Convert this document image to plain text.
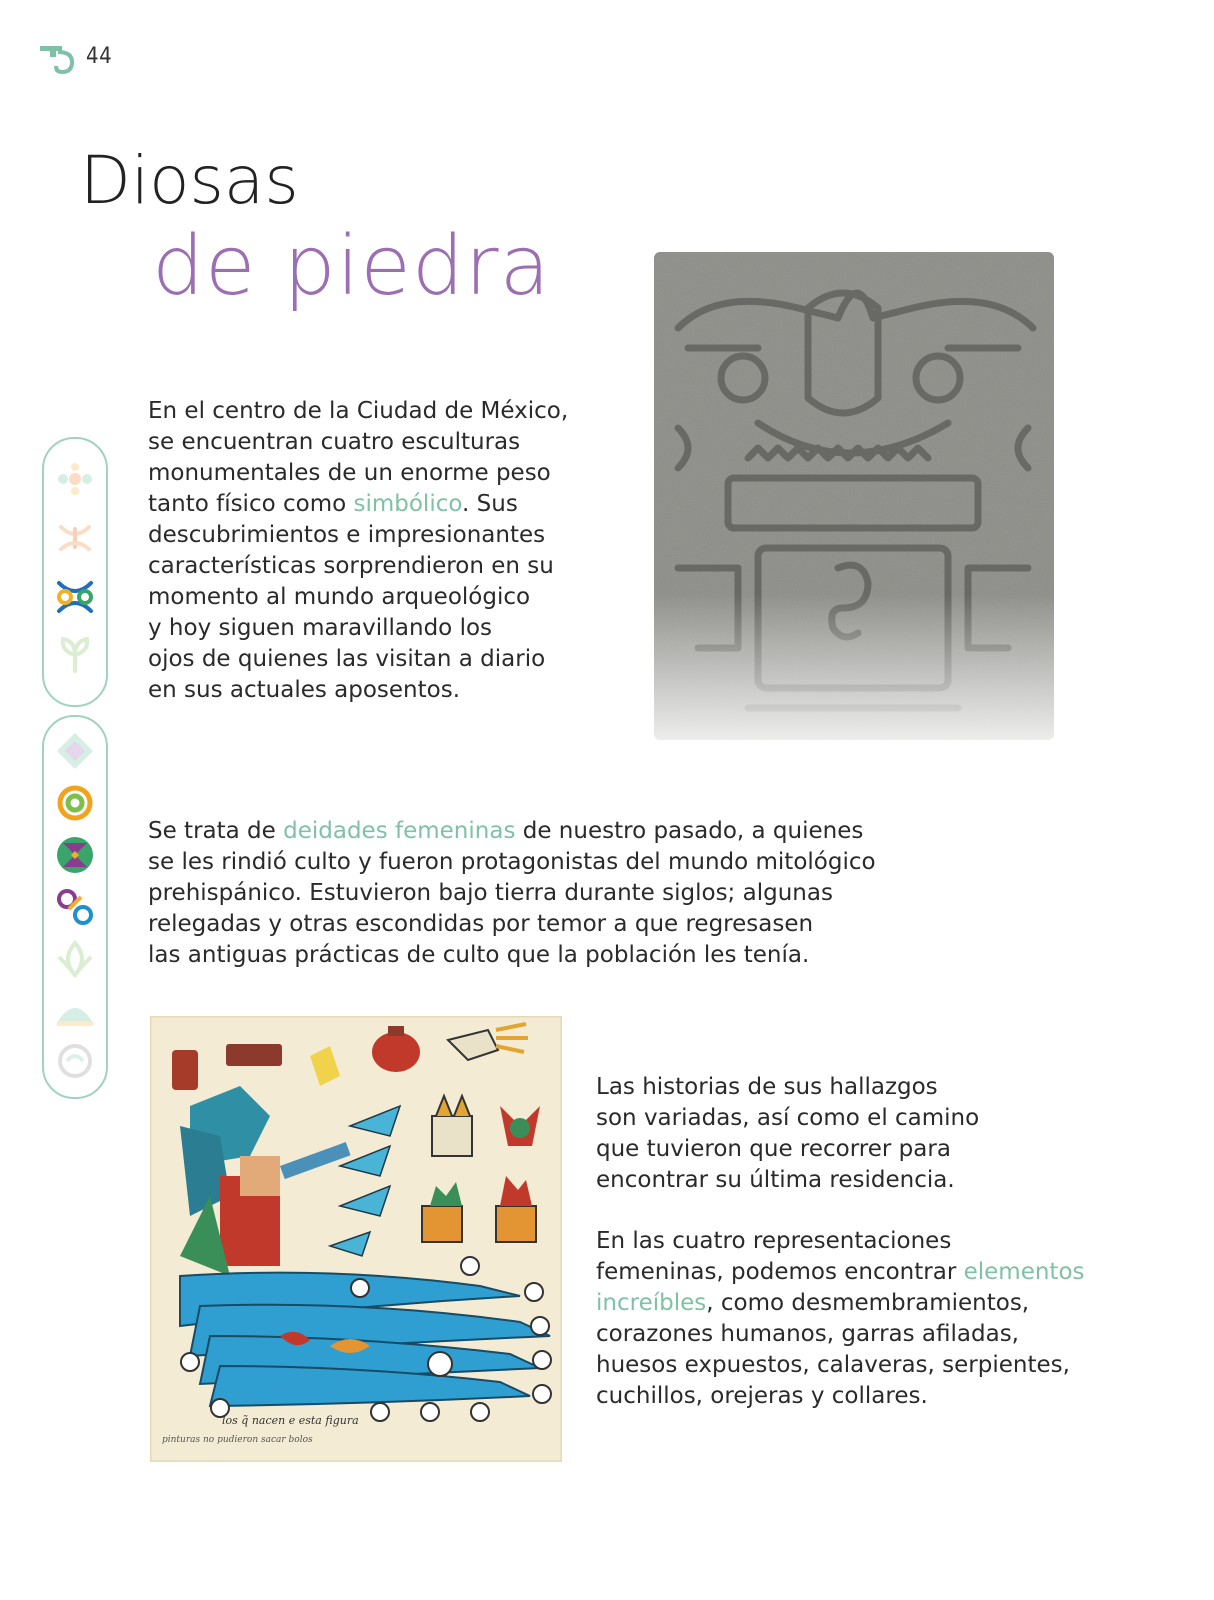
44
Diosas
de piedra

En el centro de la Ciudad de México,
se encuentran cuatro esculturas
monumentales de un enorme peso
tanto físico como simbólico. Sus
descubrimientos e impresionantes
características sorprendieron en su
momento al mundo arqueológico
y hoy siguen maravillando los
ojos de quienes las visitan a diario
en sus actuales aposentos.

Se trata de deidades femeninas de nuestro pasado, a quienes
se les rindió culto y fueron protagonistas del mundo mitológico
prehispánico. Estuvieron bajo tierra durante siglos; algunas
relegadas y otras escondidas por temor a que regresasen
las antiguas prácticas de culto que la población les tenía.

los q̃ nacen e esta figura
pinturas no pudieron sacar bolos

Las historias de sus hallazgos
son variadas, así como el camino
que tuvieron que recorrer para
encontrar su última residencia.

En las cuatro representaciones
femeninas, podemos encontrar elementos
increíbles, como desmembramientos,
corazones humanos, garras afiladas,
huesos expuestos, calaveras, serpientes,
cuchillos, orejeras y collares.
